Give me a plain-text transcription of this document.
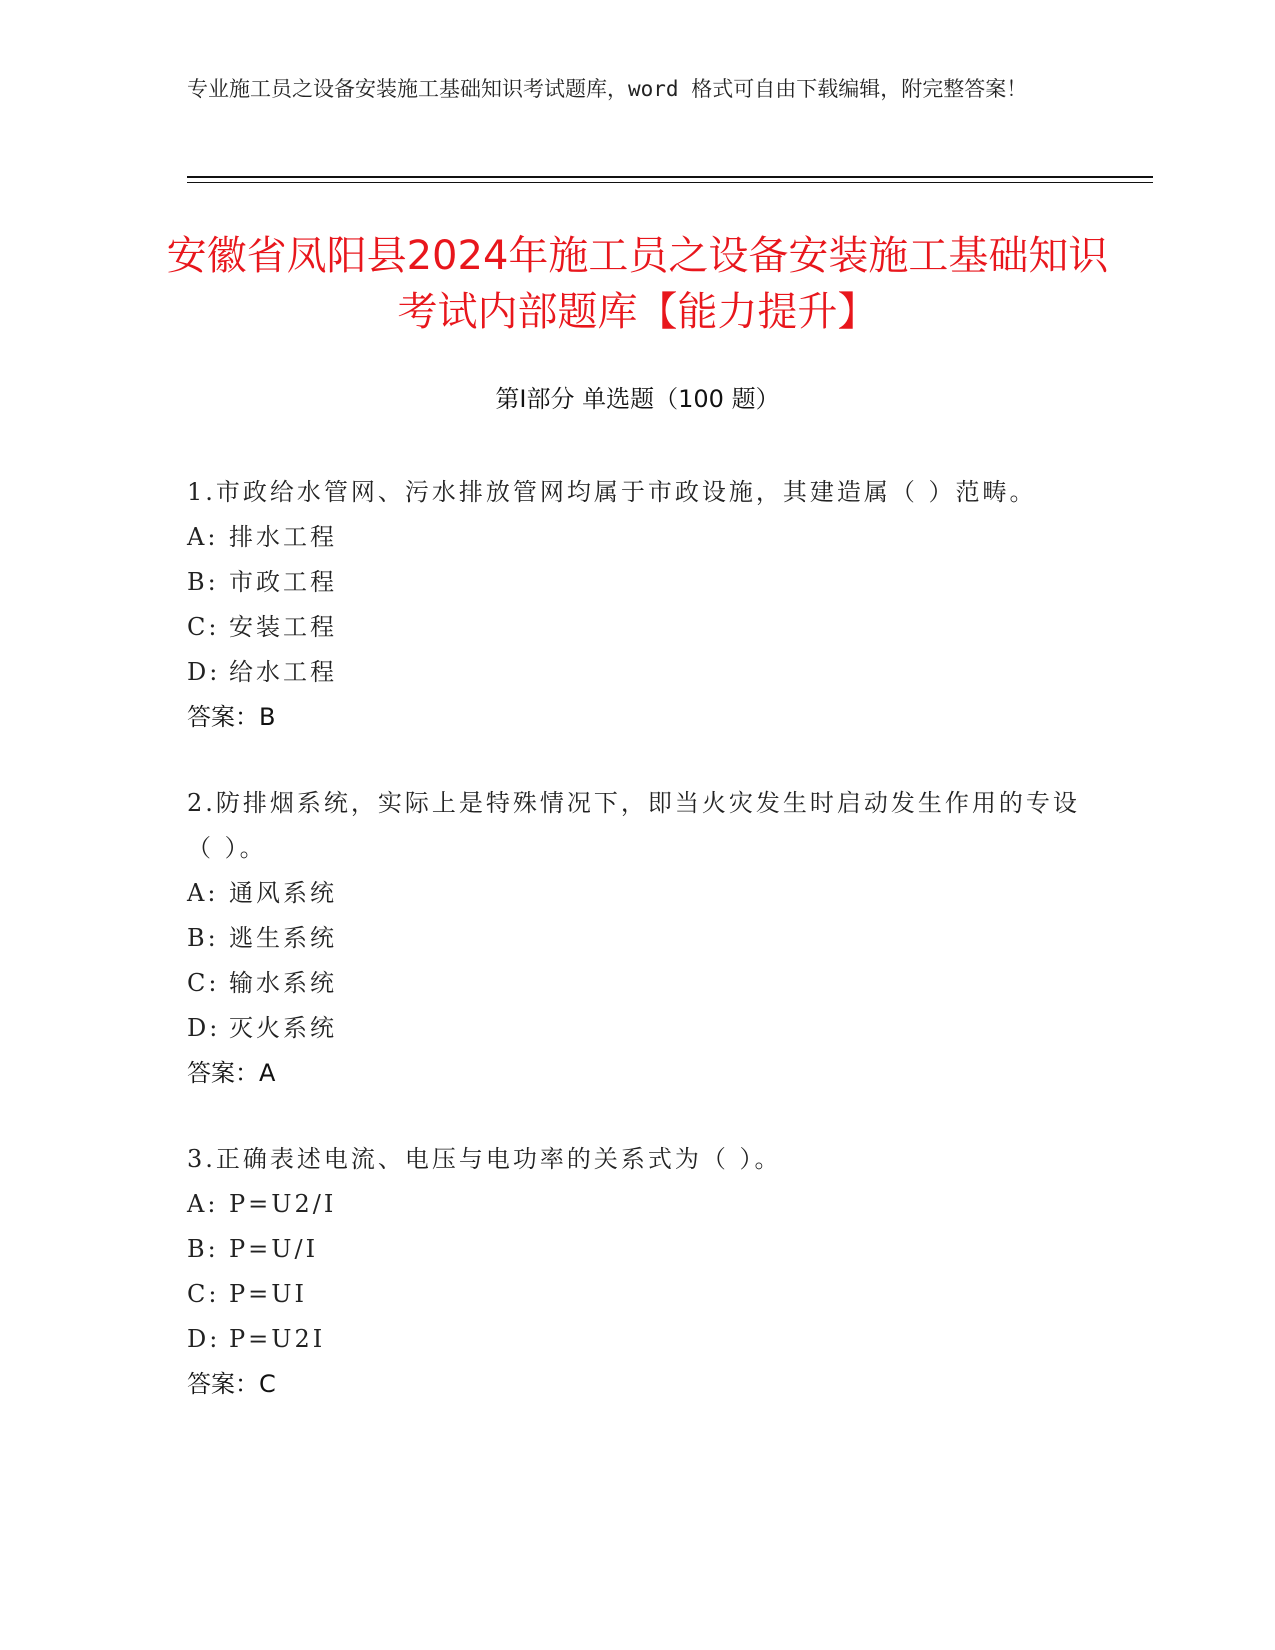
专业施工员之设备安装施工基础知识考试题库，word 格式可自由下载编辑，附完整答案！
安徽省凤阳县2024年施工员之设备安装施工基础知识考试内部题库【能力提升】
第Ⅰ部分 单选题（100 题）

1.市政给水管网、污水排放管网均属于市政设施，其建造属（ ）范畴。

A: 排水工程

B: 市政工程

C: 安装工程

D: 给水工程

答案：B

2.防排烟系统，实际上是特殊情况下，即当火灾发生时启动发生作用的专设（ ）。

A: 通风系统

B: 逃生系统

C: 输水系统

D: 灭火系统

答案：A

3.正确表述电流、电压与电功率的关系式为（ ）。

A: P=U2/I

B: P=U/I

C: P=UI

D: P=U2I

答案：C
